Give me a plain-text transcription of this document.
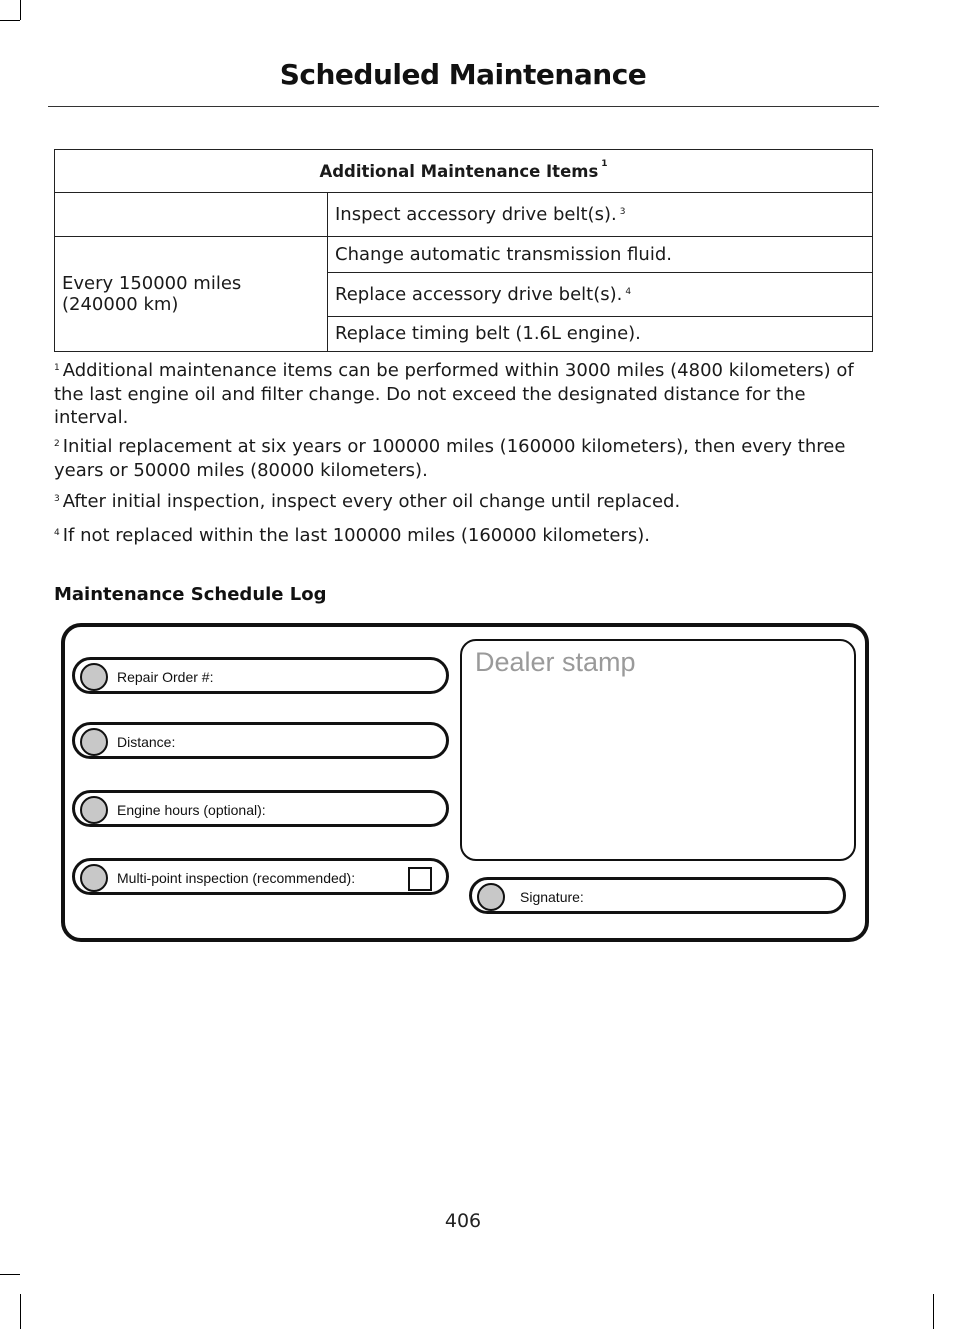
Scheduled Maintenance
Additional Maintenance Items $^1$
	Inspect accessory drive belt(s). $^3$
Every 150000 miles (240000 km)	Change automatic transmission fluid.
	Replace accessory drive belt(s). $^4$
	Replace timing belt (1.6L engine).
$^1$ Additional maintenance items can be performed within 3000 miles (4800 kilometers) of the last engine oil and filter change. Do not exceed the designated distance for the interval.
$^2$ Initial replacement at six years or 100000 miles (160000 kilometers), then every three years or 50000 miles (80000 kilometers).
$^3$ After initial inspection, inspect every other oil change until replaced.
$^4$ If not replaced within the last 100000 miles (160000 kilometers).
Maintenance Schedule Log
Repair Order #:
Distance:
Engine hours (optional):
Multi-point inspection (recommended):
Dealer stamp
Signature:
406
